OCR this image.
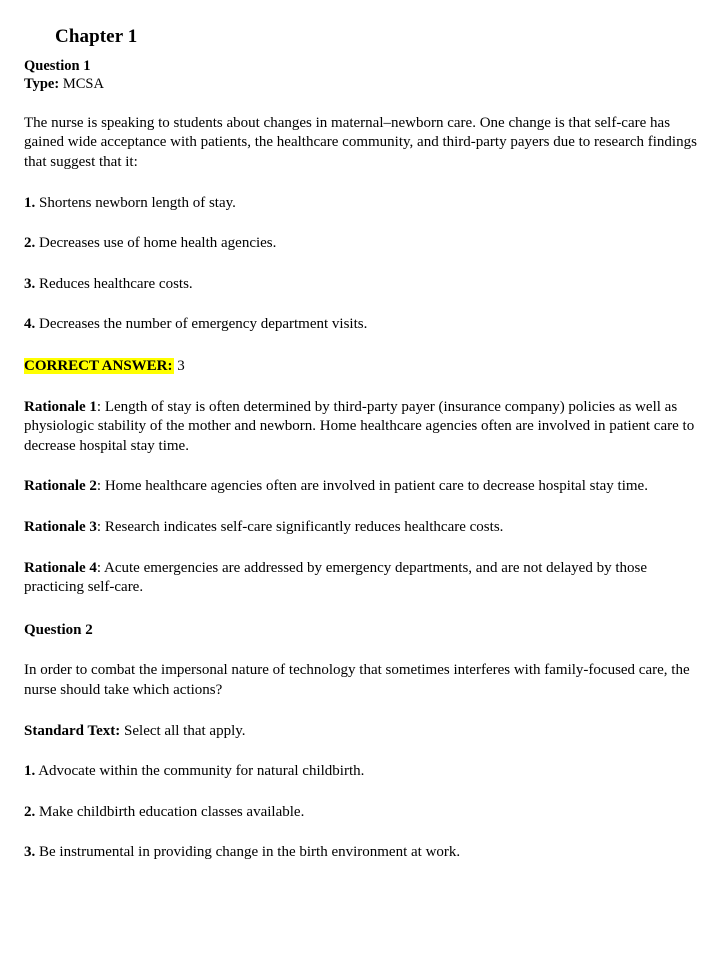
Chapter 1
Question 1
Type: MCSA

The nurse is speaking to students about changes in maternal–newborn care. One change is that self-care has gained wide acceptance with patients, the healthcare community, and third-party payers due to research findings that suggest that it:

1. Shortens newborn length of stay.

2. Decreases use of home health agencies.

3. Reduces healthcare costs.

4. Decreases the number of emergency department visits.

CORRECT ANSWER: 3

Rationale 1: Length of stay is often determined by third-party payer (insurance company) policies as well as physiologic stability of the mother and newborn. Home healthcare agencies often are involved in patient care to decrease hospital stay time.

Rationale 2: Home healthcare agencies often are involved in patient care to decrease hospital stay time.

Rationale 3: Research indicates self-care significantly reduces healthcare costs.

Rationale 4: Acute emergencies are addressed by emergency departments, and are not delayed by those practicing self-care.

Question 2

In order to combat the impersonal nature of technology that sometimes interferes with family-focused care, the nurse should take which actions?

Standard Text: Select all that apply.

1. Advocate within the community for natural childbirth.

2. Make childbirth education classes available.

3. Be instrumental in providing change in the birth environment at work.
